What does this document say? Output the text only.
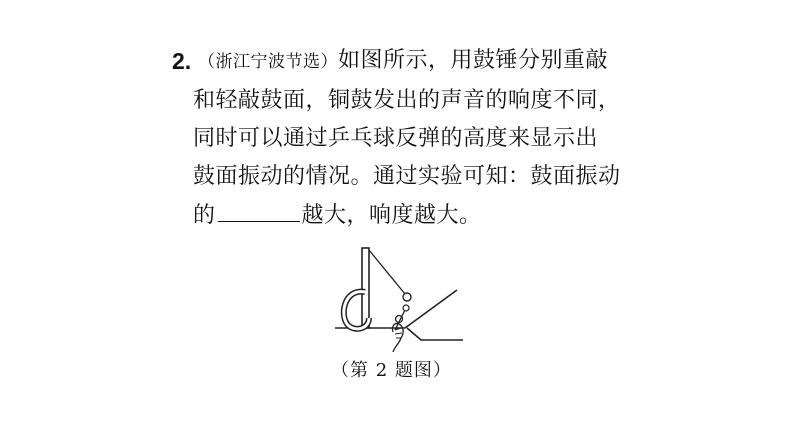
2. （浙江宁波节选）如图所示，用鼓锤分别重敲
和轻敲鼓面，铜鼓发出的声音的响度不同，
同时可以通过乒乓球反弹的高度来显示出
鼓面振动的情况。通过实验可知：鼓面振动
的	越大，响度越大。
（第 2 题图）
